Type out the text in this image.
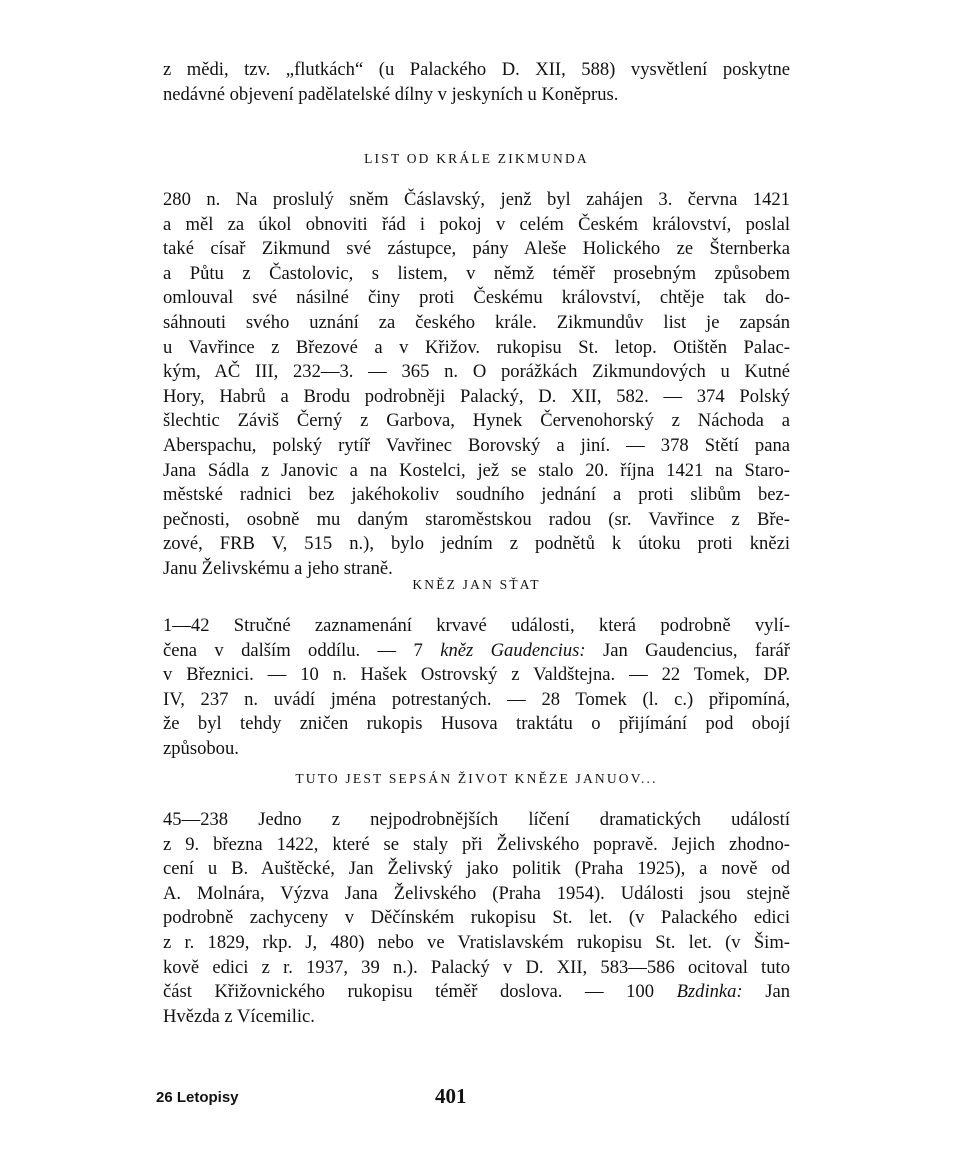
z mědi, tzv. „flutkách“ (u Palackého D. XII, 588) vysvětlení poskytne
nedávné objevení padělatelské dílny v jeskyních u Koněprus.
LIST OD KRÁLE ZIKMUNDA
280 n. Na proslulý sněm Čáslavský, jenž byl zahájen 3. června 1421
a měl za úkol obnoviti řád i pokoj v celém Českém království, poslal
také císař Zikmund své zástupce, pány Aleše Holického ze Šternberka
a Půtu z Častolovic, s listem, v němž téměř prosebným způsobem
omlouval své násilné činy proti Českému království, chtěje tak do-
sáhnouti svého uznání za českého krále. Zikmundův list je zapsán
u Vavřince z Březové a v Křižov. rukopisu St. letop. Otištěn Palac-
kým, AČ III, 232—3. — 365 n. O porážkách Zikmundových u Kutné
Hory, Habrů a Brodu podrobněji Palacký, D. XII, 582. — 374 Polský
šlechtic Záviš Černý z Garbova, Hynek Červenohorský z Náchoda a
Aberspachu, polský rytíř Vavřinec Borovský a jiní. — 378 Stětí pana
Jana Sádla z Janovic a na Kostelci, jež se stalo 20. října 1421 na Staro-
městské radnici bez jakéhokoliv soudního jednání a proti slibům bez-
pečnosti, osobně mu daným staroměstskou radou (sr. Vavřince z Bře-
zové, FRB V, 515 n.), bylo jedním z podnětů k útoku proti knězi
Janu Želivskému a jeho straně.
KNĚZ JAN SŤAT
1—42 Stručné zaznamenání krvavé události, která podrobně vylí-
čena v dalším oddílu. — 7 kněz Gaudencius: Jan Gaudencius, farář
v Březnici. — 10 n. Hašek Ostrovský z Valdštejna. — 22 Tomek, DP.
IV, 237 n. uvádí jména potrestaných. — 28 Tomek (l. c.) připomíná,
že byl tehdy zničen rukopis Husova traktátu o přijímání pod obojí
způsobou.
TUTO JEST SEPSÁN ŽIVOT KNĚZE JANUOV...
45—238 Jedno z nejpodrobnějších líčení dramatických událostí
z 9. března 1422, které se staly při Želivského popravě. Jejich zhodno-
cení u B. Auštěcké, Jan Želivský jako politik (Praha 1925), a nově od
A. Molnára, Výzva Jana Želivského (Praha 1954). Události jsou stejně
podrobně zachyceny v Děčínském rukopisu St. let. (v Palackého edici
z r. 1829, rkp. J, 480) nebo ve Vratislavském rukopisu St. let. (v Šim-
kově edici z r. 1937, 39 n.). Palacký v D. XII, 583—586 ocitoval tuto
část Křižovnického rukopisu téměř doslova. — 100 Bzdinka: Jan
Hvězda z Vícemilic.
26 Letopisy	401
